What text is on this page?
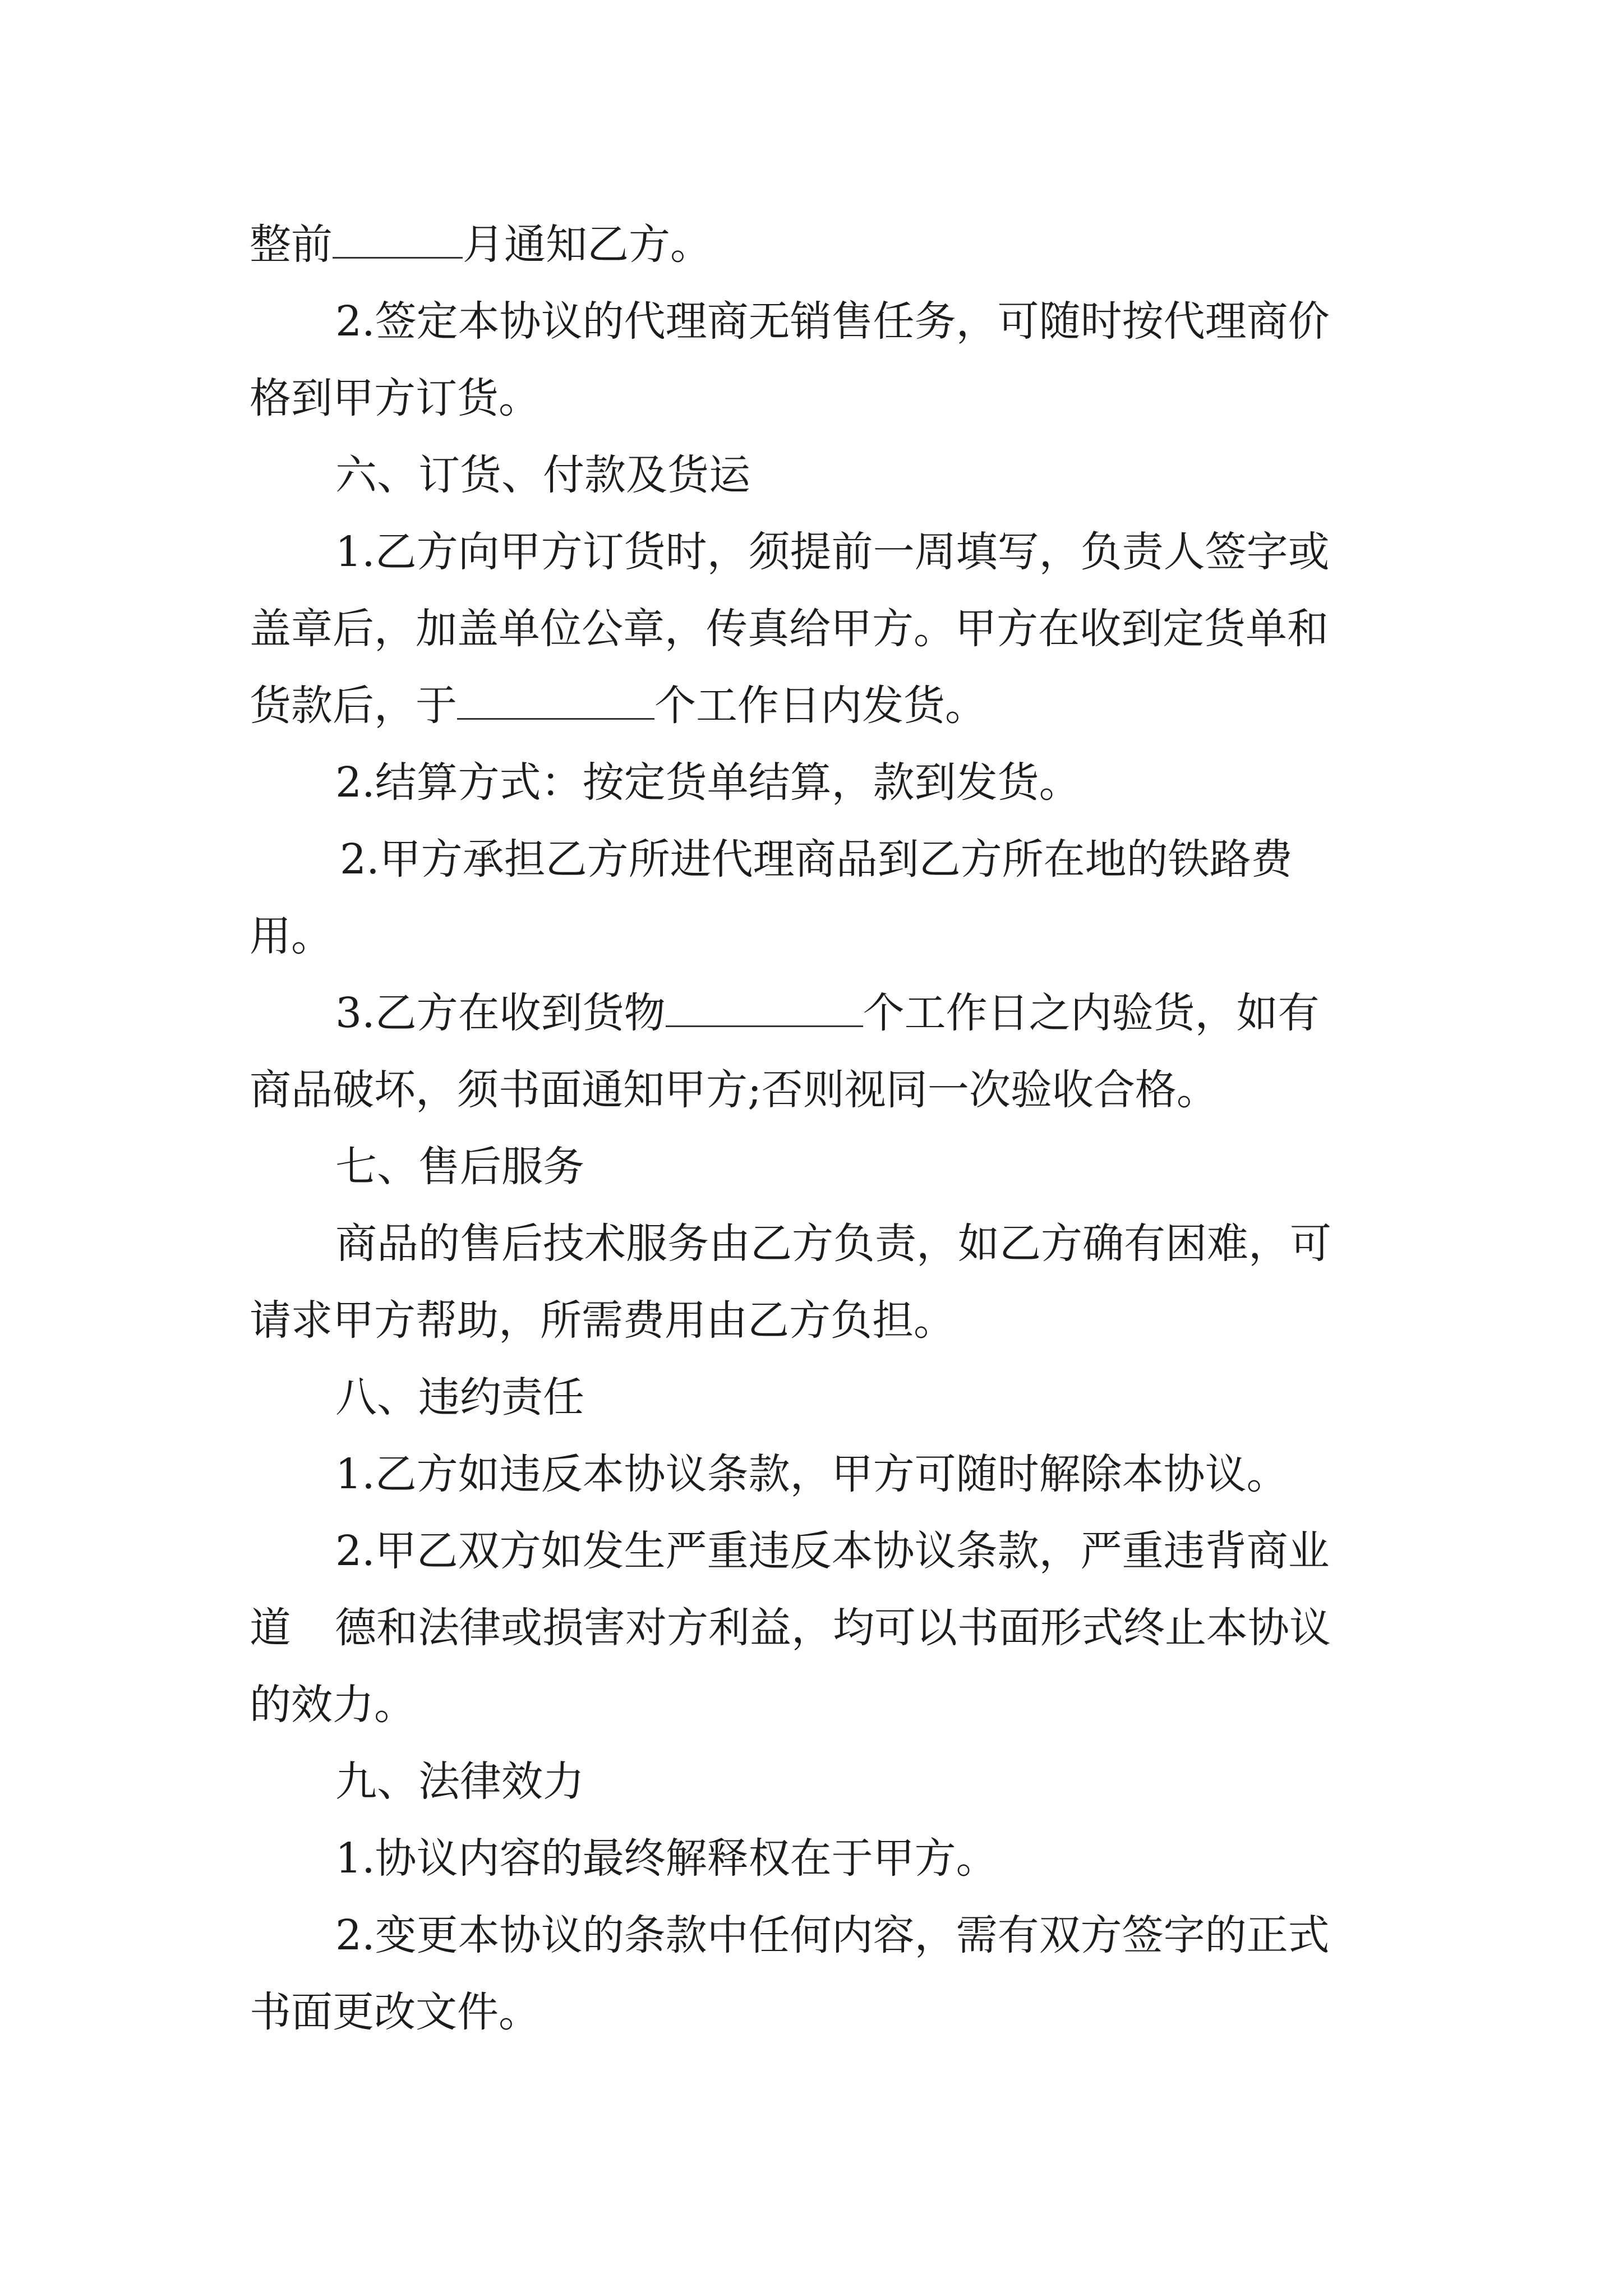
整前	月通知乙方。
2.签定本协议的代理商无销售任务，可随时按代理商价
格到甲方订货。
六、订货、付款及货运
1.乙方向甲方订货时，须提前一周填写，负责人签字或
盖章后，加盖单位公章，传真给甲方。甲方在收到定货单和
货款后，于	个工作日内发货。
2.结算方式：按定货单结算，款到发货。
2.甲方承担乙方所进代理商品到乙方所在地的铁路费
用。
3.乙方在收到货物	个工作日之内验货，如有
商品破坏，须书面通知甲方;否则视同一次验收合格。
七、售后服务
商品的售后技术服务由乙方负责，如乙方确有困难，可
请求甲方帮助，所需费用由乙方负担。
八、违约责任
1.乙方如违反本协议条款，甲方可随时解除本协议。
2.甲乙双方如发生严重违反本协议条款，严重违背商业
道 德和法律或损害对方利益，均可以书面形式终止本协议
的效力。
九、法律效力
1.协议内容的最终解释权在于甲方。
2.变更本协议的条款中任何内容，需有双方签字的正式
书面更改文件。
